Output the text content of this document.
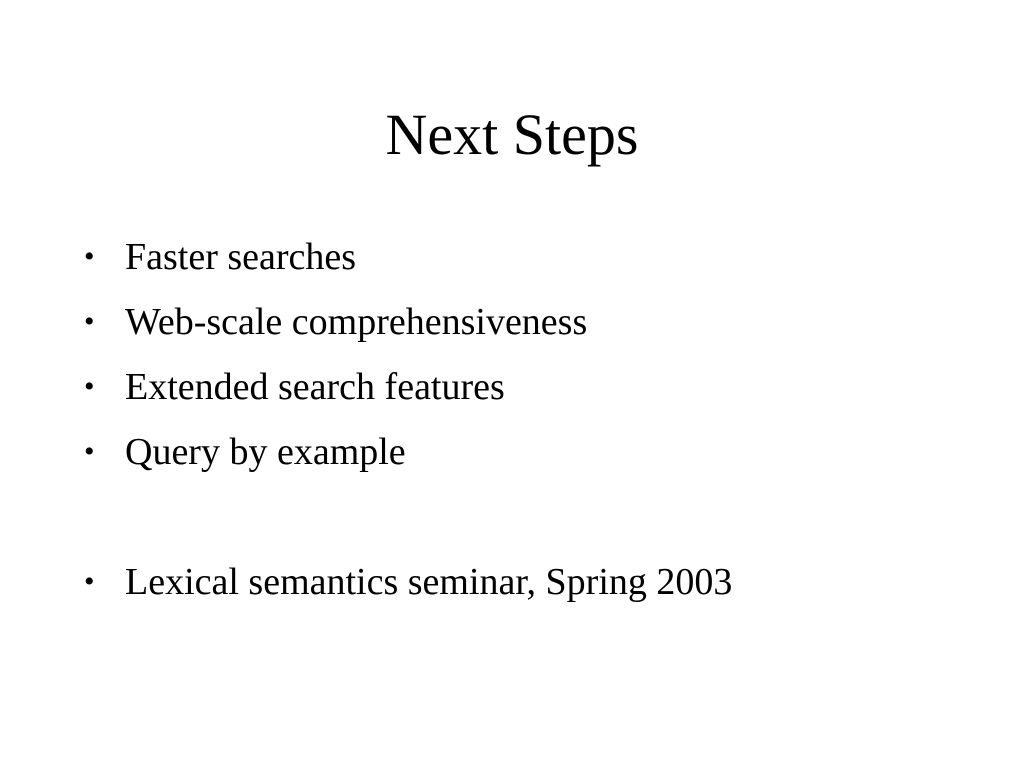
Next Steps
• Faster searches
• Web-scale comprehensiveness
• Extended search features
• Query by example
• Lexical semantics seminar, Spring 2003
